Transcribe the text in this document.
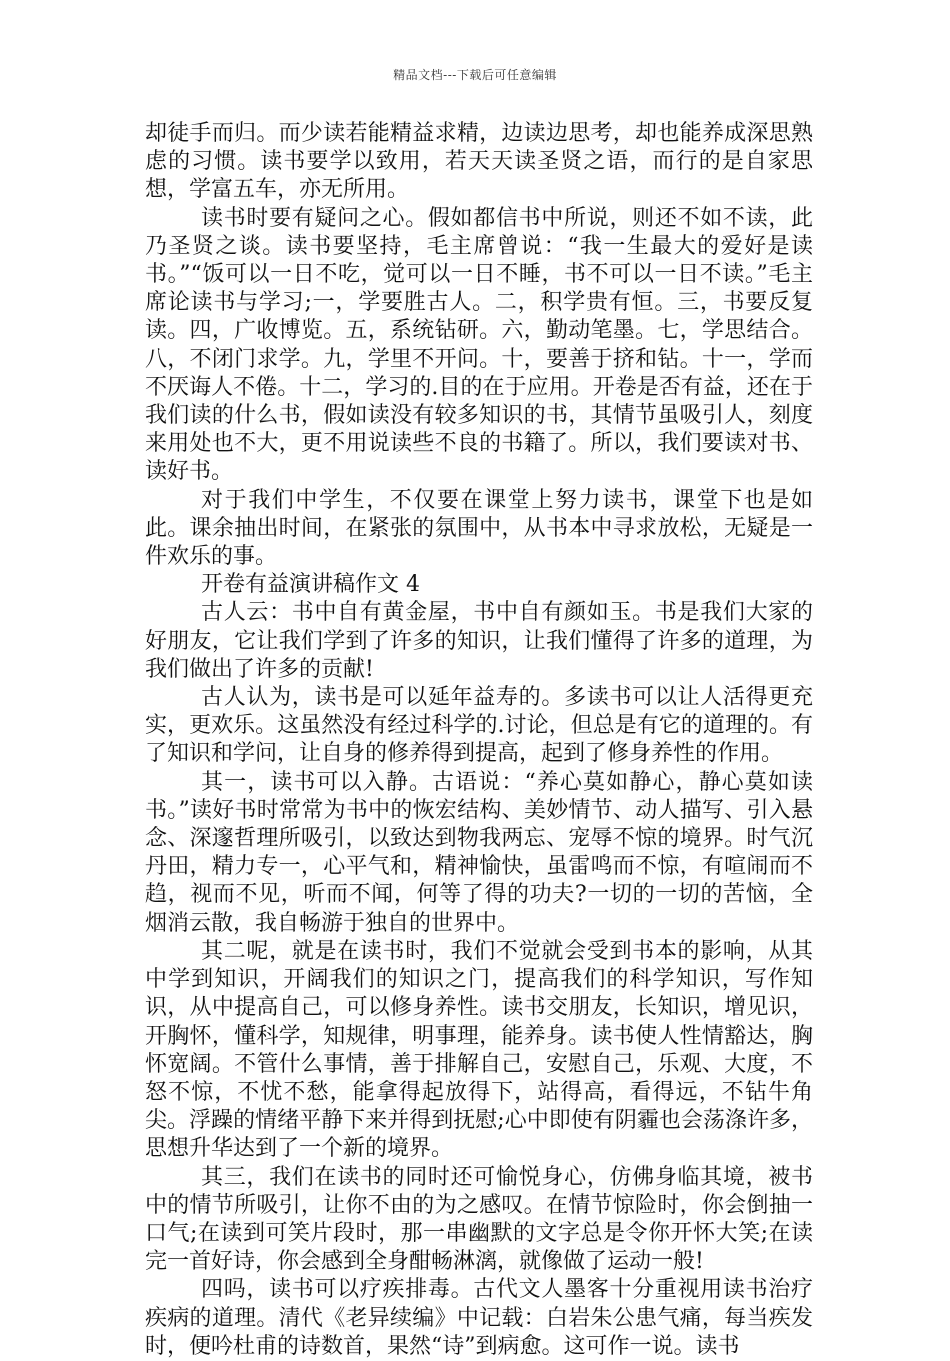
精品文档---下载后可任意编辑

却徒手而归。而少读若能精益求精，边读边思考，却也能养成深思熟虑的习惯。读书要学以致用，若天天读圣贤之语，而行的是自家思想，学富五车，亦无所用。

读书时要有疑问之心。假如都信书中所说，则还不如不读，此乃圣贤之谈。读书要坚持，毛主席曾说：“我一生最大的爱好是读书。”“饭可以一日不吃，觉可以一日不睡，书不可以一日不读。”毛主席论读书与学习;一，学要胜古人。二，积学贵有恒。三，书要反复读。四，广收博览。五，系统钻研。六，勤动笔墨。七，学思结合。八，不闭门求学。九，学里不开问。十，要善于挤和钻。十一，学而不厌诲人不倦。十二，学习的.目的在于应用。开卷是否有益，还在于我们读的什么书，假如读没有较多知识的书，其情节虽吸引人，刻度来用处也不大，更不用说读些不良的书籍了。所以，我们要读对书、读好书。

对于我们中学生，不仅要在课堂上努力读书，课堂下也是如此。课余抽出时间，在紧张的氛围中，从书本中寻求放松，无疑是一件欢乐的事。

开卷有益演讲稿作文 4

古人云：书中自有黄金屋，书中自有颜如玉。书是我们大家的好朋友，它让我们学到了许多的知识，让我们懂得了许多的道理，为我们做出了许多的贡献!

古人认为，读书是可以延年益寿的。多读书可以让人活得更充实，更欢乐。这虽然没有经过科学的.讨论，但总是有它的道理的。有了知识和学问，让自身的修养得到提高，起到了修身养性的作用。

其一，读书可以入静。古语说：“养心莫如静心，静心莫如读书。”读好书时常常为书中的恢宏结构、美妙情节、动人描写、引入悬念、深邃哲理所吸引，以致达到物我两忘、宠辱不惊的境界。时气沉丹田，精力专一，心平气和，精神愉快，虽雷鸣而不惊，有喧闹而不趋，视而不见，听而不闻，何等了得的功夫?一切的一切的苦恼，全烟消云散，我自畅游于独自的世界中。

其二呢，就是在读书时，我们不觉就会受到书本的影响，从其中学到知识，开阔我们的知识之门，提高我们的科学知识，写作知识，从中提高自己，可以修身养性。读书交朋友，长知识，增见识，开胸怀，懂科学，知规律，明事理，能养身。读书使人性情豁达，胸怀宽阔。不管什么事情，善于排解自己，安慰自己，乐观、大度，不怒不惊，不忧不愁，能拿得起放得下，站得高，看得远，不钻牛角尖。浮躁的情绪平静下来并得到抚慰;心中即使有阴霾也会荡涤许多，思想升华达到了一个新的境界。

其三，我们在读书的同时还可愉悦身心，仿佛身临其境，被书中的情节所吸引，让你不由的为之感叹。在情节惊险时，你会倒抽一口气;在读到可笑片段时，那一串幽默的文字总是令你开怀大笑;在读完一首好诗，你会感到全身酣畅淋漓，就像做了运动一般!

四吗，读书可以疗疾排毒。古代文人墨客十分重视用读书治疗疾病的道理。清代《老异续编》中记载：白岩朱公患气痛，每当疾发时，便吟杜甫的诗数首，果然“诗”到病愈。这可作一说。读书
